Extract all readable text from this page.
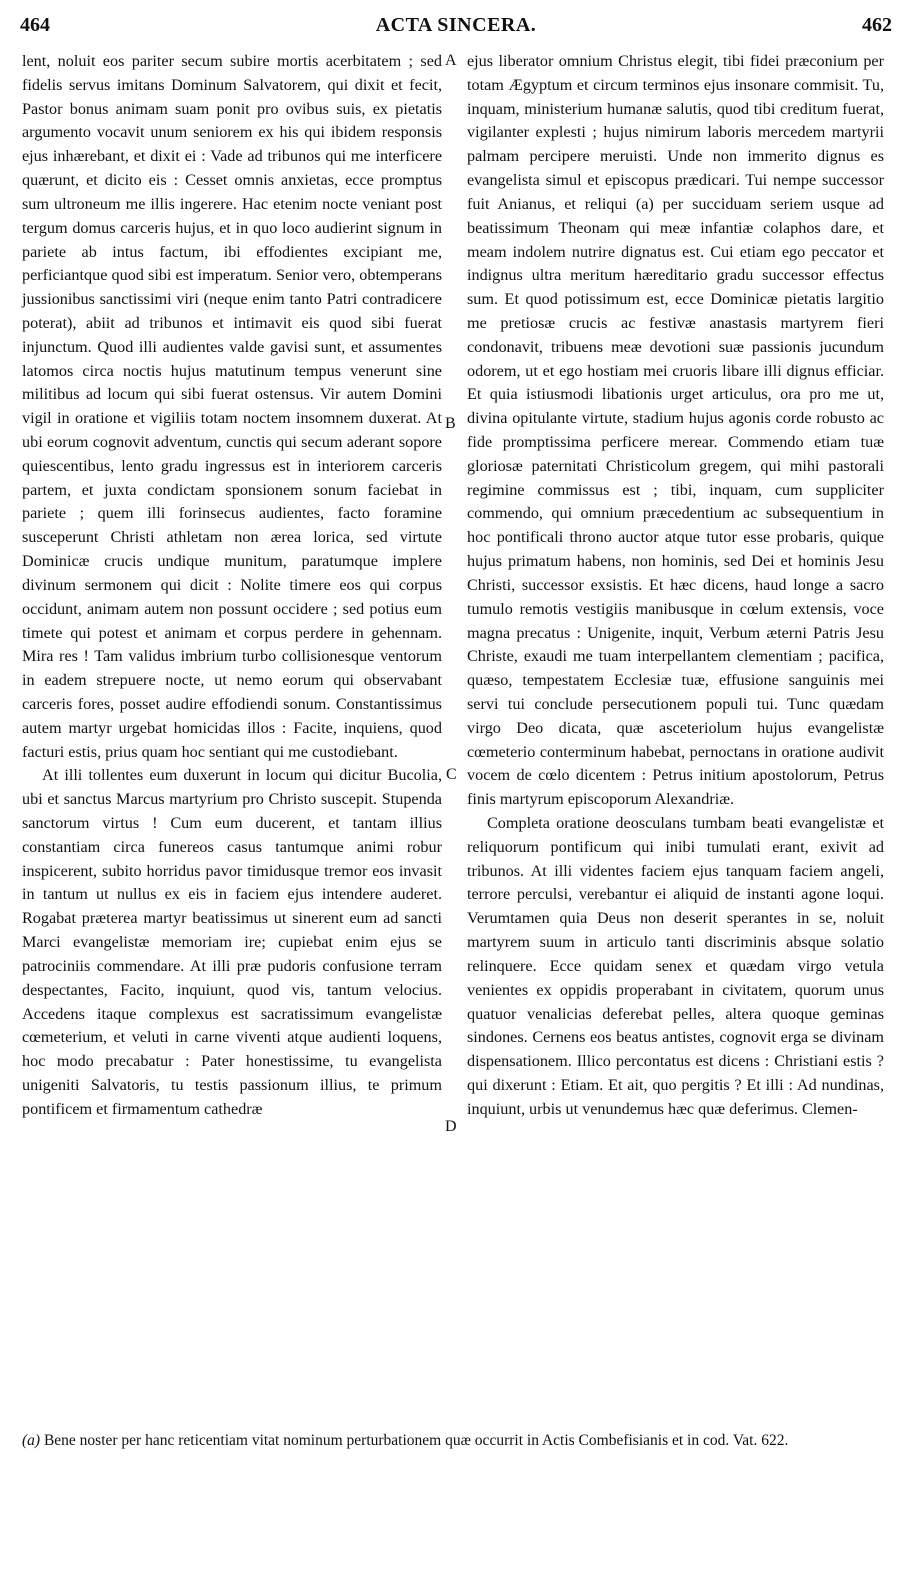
464	ACTA SINCERA.	462

lent, noluit eos pariter secum subire mortis acerbitatem ; sed fidelis servus imitans Dominum Salvatorem, qui dixit et fecit, Pastor bonus animam suam ponit pro ovibus suis, ex pietatis argumento vocavit unum seniorem ex his qui ibidem responsis ejus inhærebant, et dixit ei : Vade ad tribunos qui me interficere quærunt, et dicito eis : Cesset omnis anxietas, ecce promptus sum ultroneum me illis ingerere. Hac etenim nocte veniant post tergum domus carceris hujus, et in quo loco audierint signum in pariete ab intus factum, ibi effodientes excipiant me, perficiantque quod sibi est imperatum. Senior vero, obtemperans jussionibus sanctissimi viri (neque enim tanto Patri contradicere poterat), abiit ad tribunos et intimavit eis quod sibi fuerat injunctum. Quod illi audientes valde gavisi sunt, et assumentes latomos circa noctis hujus matutinum tempus venerunt sine militibus ad locum qui sibi fuerat ostensus. Vir autem Domini vigil in oratione et vigiliis totam noctem insomnem duxerat. At ubi eorum cognovit adventum, cunctis qui secum aderant sopore quiescentibus, lento gradu ingressus est in interiorem carceris partem, et juxta condictam sponsionem sonum faciebat in pariete ; quem illi forinsecus audientes, facto foramine susceperunt Christi athletam non ærea lorica, sed virtute Dominicæ crucis undique munitum, paratumque implere divinum sermonem qui dicit : Nolite timere eos qui corpus occidunt, animam autem non possunt occidere ; sed potius eum timete qui potest et animam et corpus perdere in gehennam. Mira res ! Tam validus imbrium turbo collisionesque ventorum in eadem strepuere nocte, ut nemo eorum qui observabant carceris fores, posset audire effodiendi sonum. Constantissimus autem martyr urgebat homicidas illos : Facite, inquiens, quod facturi estis, prius quam hoc sentiant qui me custodiebant.

At illi tollentes eum duxerunt in locum qui dicitur Bucolia, ubi et sanctus Marcus martyrium pro Christo suscepit. Stupenda sanctorum virtus ! Cum eum ducerent, et tantam illius constantiam circa funereos casus tantumque animi robur inspicerent, subito horridus pavor timidusque tremor eos invasit in tantum ut nullus ex eis in faciem ejus intendere auderet. Rogabat præterea martyr beatissimus ut sinerent eum ad sancti Marci evangelistæ memoriam ire; cupiebat enim ejus se patrociniis commendare. At illi præ pudoris confusione terram despectantes, Facito, inquiunt, quod vis, tantum velocius. Accedens itaque complexus est sacratissimum evangelistæ cœmeterium, et veluti in carne viventi atque audienti loquens, hoc modo precabatur : Pater honestissime, tu evangelista unigeniti Salvatoris, tu testis passionum illius, te primum pontificem et firmamentum cathedræ

A
B
C
D

ejus liberator omnium Christus elegit, tibi fidei præconium per totam Ægyptum et circum terminos ejus insonare commisit. Tu, inquam, ministerium humanæ salutis, quod tibi creditum fuerat, vigilanter explesti ; hujus nimirum laboris mercedem martyrii palmam percipere meruisti. Unde non immerito dignus es evangelista simul et episcopus prædicari. Tui nempe successor fuit Anianus, et reliqui (a) per succiduam seriem usque ad beatissimum Theonam qui meæ infantiæ colaphos dare, et meam indolem nutrire dignatus est. Cui etiam ego peccator et indignus ultra meritum hæreditario gradu successor effectus sum. Et quod potissimum est, ecce Dominicæ pietatis largitio me pretiosæ crucis ac festivæ anastasis martyrem fieri condonavit, tribuens meæ devotioni suæ passionis jucundum odorem, ut et ego hostiam mei cruoris libare illi dignus efficiar. Et quia istiusmodi libationis urget articulus, ora pro me ut, divina opitulante virtute, stadium hujus agonis corde robusto ac fide promptissima perficere merear. Commendo etiam tuæ gloriosæ paternitati Christicolum gregem, qui mihi pastorali regimine commissus est ; tibi, inquam, cum suppliciter commendo, qui omnium præcedentium ac subsequentium in hoc pontificali throno auctor atque tutor esse probaris, quique hujus primatum habens, non hominis, sed Dei et hominis Jesu Christi, successor exsistis. Et hæc dicens, haud longe a sacro tumulo remotis vestigiis manibusque in cœlum extensis, voce magna precatus : Unigenite, inquit, Verbum æterni Patris Jesu Christe, exaudi me tuam interpellantem clementiam ; pacifica, quæso, tempestatem Ecclesiæ tuæ, effusione sanguinis mei servi tui conclude persecutionem populi tui. Tunc quædam virgo Deo dicata, quæ asceteriolum hujus evangelistæ cœmeterio conterminum habebat, pernoctans in oratione audivit vocem de cœlo dicentem : Petrus initium apostolorum, Petrus finis martyrum episcoporum Alexandriæ.

Completa oratione deosculans tumbam beati evangelistæ et reliquorum pontificum qui inibi tumulati erant, exivit ad tribunos. At illi videntes faciem ejus tanquam faciem angeli, terrore perculsi, verebantur ei aliquid de instanti agone loqui. Verumtamen quia Deus non deserit sperantes in se, noluit martyrem suum in articulo tanti discriminis absque solatio relinquere. Ecce quidam senex et quædam virgo vetula venientes ex oppidis properabant in civitatem, quorum unus quatuor venalicias deferebat pelles, altera quoque geminas sindones. Cernens eos beatus antistes, cognovit erga se divinam dispensationem. Illico percontatus est dicens : Christiani estis ? qui dixerunt : Etiam. Et ait, quo pergitis ? Et illi : Ad nundinas, inquiunt, urbis ut venundemus hæc quæ deferimus. Clemen-

(a) Bene noster per hanc reticentiam vitat nominum perturbationem quæ occurrit in Actis Combefisianis et in cod. Vat. 622.
